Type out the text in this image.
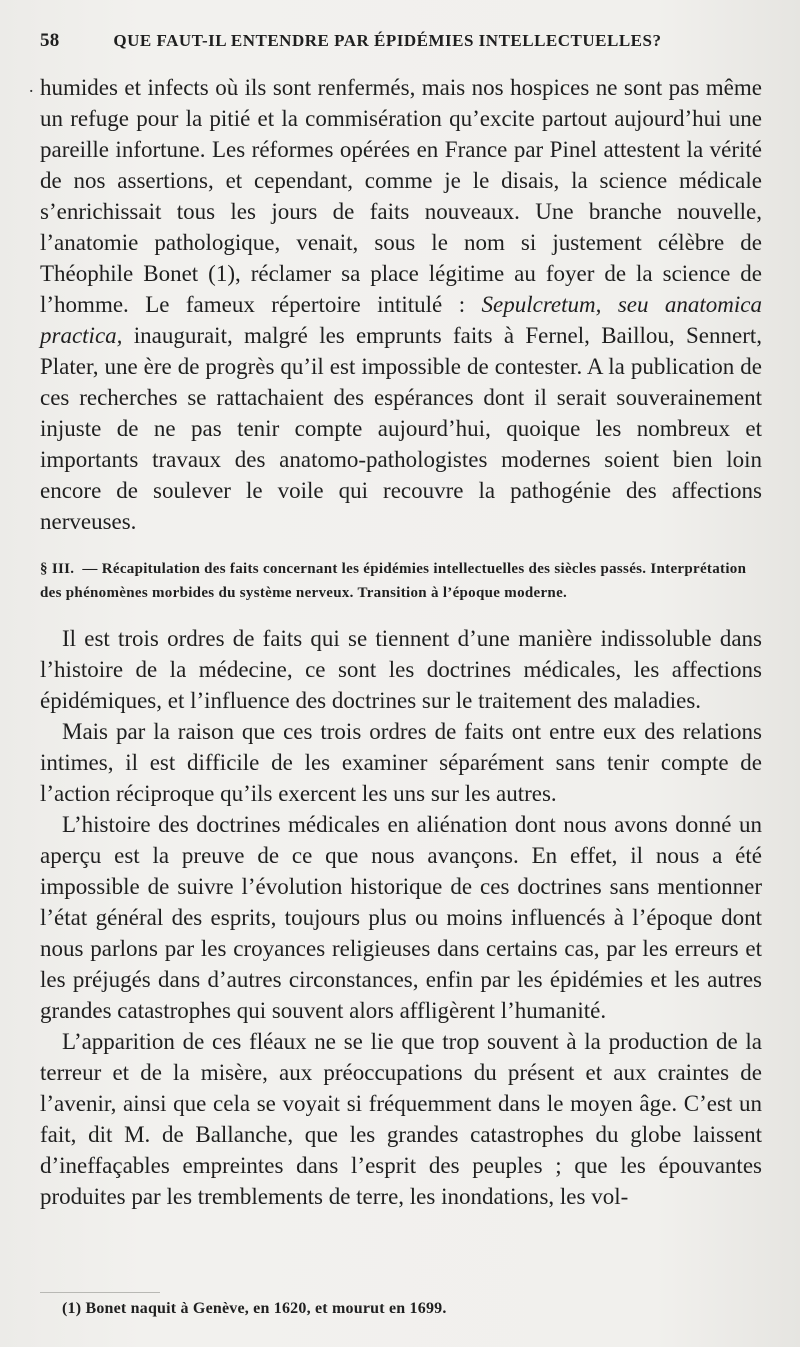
58	QUE FAUT-IL ENTENDRE PAR ÉPIDÉMIES INTELLECTUELLES?
. humides et infects où ils sont renfermés, mais nos hospices ne sont pas même un refuge pour la pitié et la commisération qu’excite partout aujourd’hui une pareille infortune. Les réformes opérées en France par Pinel attestent la vérité de nos assertions, et cependant, comme je le disais, la science médicale s’enrichissait tous les jours de faits nouveaux. Une branche nouvelle, l’anatomie pathologique, venait, sous le nom si justement célèbre de Théophile Bonet (1), réclamer sa place légitime au foyer de la science de l’homme. Le fameux répertoire intitulé : Sepulcretum, seu anatomica practica, inaugurait, malgré les emprunts faits à Fernel, Baillou, Sennert, Plater, une ère de progrès qu’il est impossible de contester. A la publication de ces recherches se rattachaient des espérances dont il serait souverainement injuste de ne pas tenir compte aujourd’hui, quoique les nombreux et importants travaux des anatomo-pathologistes modernes soient bien loin encore de soulever le voile qui recouvre la pathogénie des affections nerveuses.

§ III. — Récapitulation des faits concernant les épidémies intellectuelles des siècles passés. Interprétation des phénomènes morbides du système nerveux. Transition à l’époque moderne.

Il est trois ordres de faits qui se tiennent d’une manière indissoluble dans l’histoire de la médecine, ce sont les doctrines médicales, les affections épidémiques, et l’influence des doctrines sur le traitement des maladies.

Mais par la raison que ces trois ordres de faits ont entre eux des relations intimes, il est difficile de les examiner séparément sans tenir compte de l’action réciproque qu’ils exercent les uns sur les autres.

L’histoire des doctrines médicales en aliénation dont nous avons donné un aperçu est la preuve de ce que nous avançons. En effet, il nous a été impossible de suivre l’évolution historique de ces doctrines sans mentionner l’état général des esprits, toujours plus ou moins influencés à l’époque dont nous parlons par les croyances religieuses dans certains cas, par les erreurs et les préjugés dans d’autres circonstances, enfin par les épidémies et les autres grandes catastrophes qui souvent alors affligèrent l’humanité.

L’apparition de ces fléaux ne se lie que trop souvent à la production de la terreur et de la misère, aux préoccupations du présent et aux craintes de l’avenir, ainsi que cela se voyait si fréquemment dans le moyen âge. C’est un fait, dit M. de Ballanche, que les grandes catastrophes du globe laissent d’ineffaçables empreintes dans l’esprit des peuples ; que les épouvantes produites par les tremblements de terre, les inondations, les vol-

(1) Bonet naquit à Genève, en 1620, et mourut en 1699.
